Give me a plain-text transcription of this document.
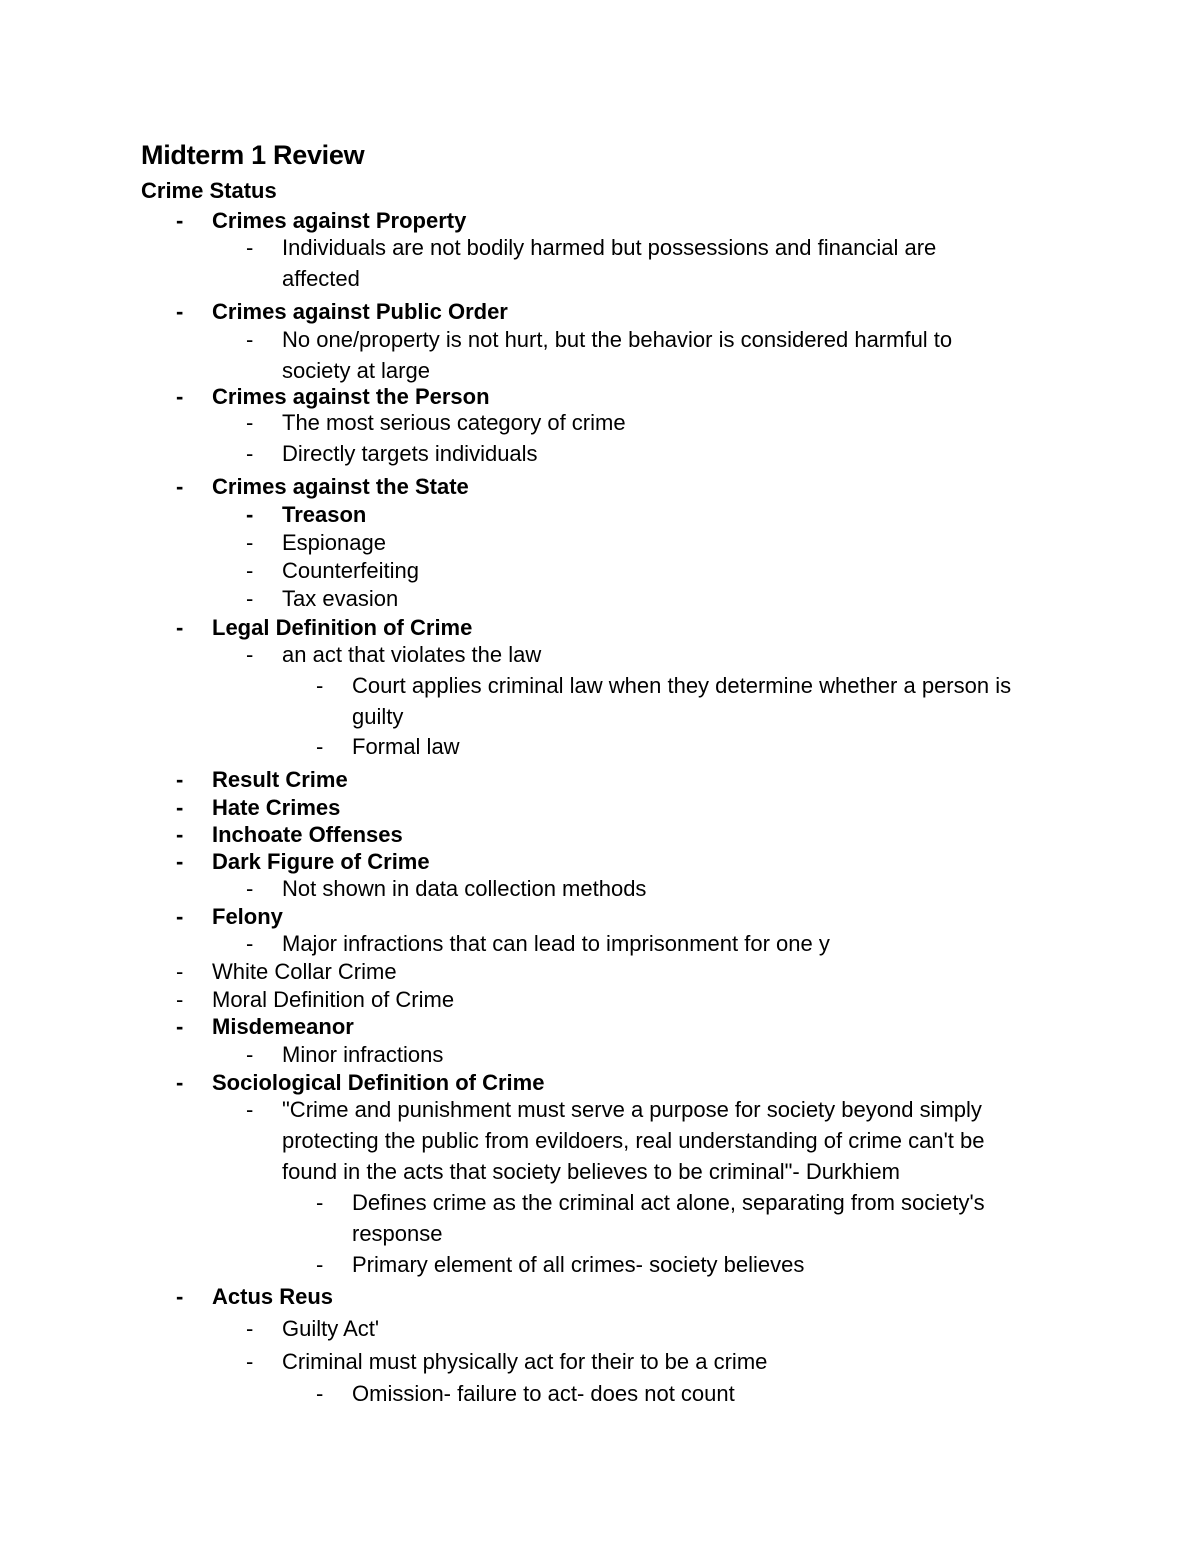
Midterm 1 Review
Crime Status
- Crimes against Property
- Individuals are not bodily harmed but possessions and financial are
affected
- Crimes against Public Order
- No one/property is not hurt, but the behavior is considered harmful to
society at large
- Crimes against the Person
- The most serious category of crime
- Directly targets individuals
- Crimes against the State
- Treason
- Espionage
- Counterfeiting
- Tax evasion
- Legal Definition of Crime
- an act that violates the law
- Court applies criminal law when they determine whether a person is
guilty
- Formal law
- Result Crime
- Hate Crimes
- Inchoate Offenses
- Dark Figure of Crime
- Not shown in data collection methods
- Felony
- Major infractions that can lead to imprisonment for one y
- White Collar Crime
- Moral Definition of Crime
- Misdemeanor
- Minor infractions
- Sociological Definition of Crime
- "Crime and punishment must serve a purpose for society beyond simply
protecting the public from evildoers, real understanding of crime can't be
found in the acts that society believes to be criminal"- Durkhiem
- Defines crime as the criminal act alone, separating from society's
response
- Primary element of all crimes- society believes
- Actus Reus
- Guilty Act'
- Criminal must physically act for their to be a crime
- Omission- failure to act- does not count
